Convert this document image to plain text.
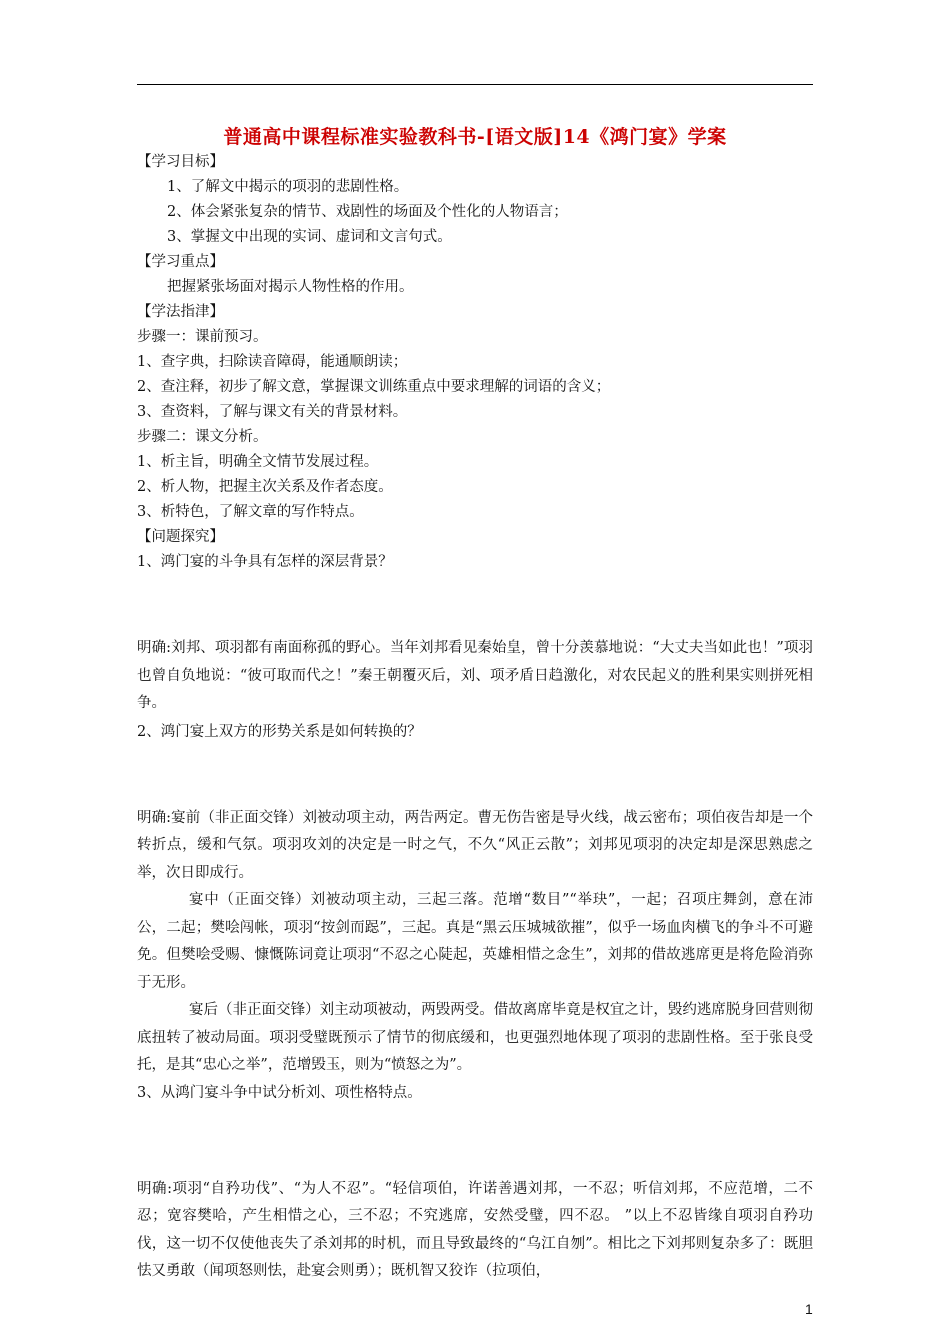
普通高中课程标准实验教科书-[语文版]14《鸿门宴》学案
【学习目标】
1、了解文中揭示的项羽的悲剧性格。
2、体会紧张复杂的情节、戏剧性的场面及个性化的人物语言；
3、掌握文中出现的实词、虚词和文言句式。
【学习重点】
把握紧张场面对揭示人物性格的作用。
【学法指津】
步骤一：课前预习。
1、查字典，扫除读音障碍，能通顺朗读；
2、查注释，初步了解文意，掌握课文训练重点中要求理解的词语的含义；
3、查资料，了解与课文有关的背景材料。
步骤二：课文分析。
1、析主旨，明确全文情节发展过程。
2、析人物，把握主次关系及作者态度。
3、析特色，了解文章的写作特点。
【问题探究】
1、鸿门宴的斗争具有怎样的深层背景？
明确:刘邦、项羽都有南面称孤的野心。当年刘邦看见秦始皇，曾十分羡慕地说：“大丈夫当如此也！”项羽也曾自负地说：“彼可取而代之！”秦王朝覆灭后，刘、项矛盾日趋激化，对农民起义的胜利果实则拼死相争。
2、鸿门宴上双方的形势关系是如何转换的？
明确:宴前（非正面交锋）刘被动项主动，两告两定。曹无伤告密是导火线，战云密布；项伯夜告却是一个转折点，缓和气氛。项羽攻刘的决定是一时之气，不久“风正云散”；刘邦见项羽的决定却是深思熟虑之举，次日即成行。
宴中（正面交锋）刘被动项主动，三起三落。范增“数目”“举玦”，一起；召项庄舞剑，意在沛公，二起；樊哙闯帐，项羽“按剑而跽”，三起。真是“黑云压城城欲摧”，似乎一场血肉横飞的争斗不可避免。但樊哙受赐、慷慨陈词竟让项羽“不忍之心陡起，英雄相惜之念生”，刘邦的借故逃席更是将危险消弥于无形。
宴后（非正面交锋）刘主动项被动，两毁两受。借故离席毕竟是权宜之计，毁约逃席脱身回营则彻底扭转了被动局面。项羽受璧既预示了情节的彻底缓和，也更强烈地体现了项羽的悲剧性格。至于张良受托，是其“忠心之举”，范增毁玉，则为“愤怒之为”。
3、从鸿门宴斗争中试分析刘、项性格特点。
明确:项羽“自矜功伐”、“为人不忍”。“轻信项伯，许诺善遇刘邦，一不忍；听信刘邦，不应范增，二不忍；宽容樊哈，产生相惜之心，三不忍；不究逃席，安然受璧，四不忍。 ”以上不忍皆缘自项羽自矜功伐，这一切不仅使他丧失了杀刘邦的时机，而且导致最终的“乌江自刎”。相比之下刘邦则复杂多了：既胆怯又勇敢（闻项怒则怯，赴宴会则勇）；既机智又狡诈（拉项伯，
1
